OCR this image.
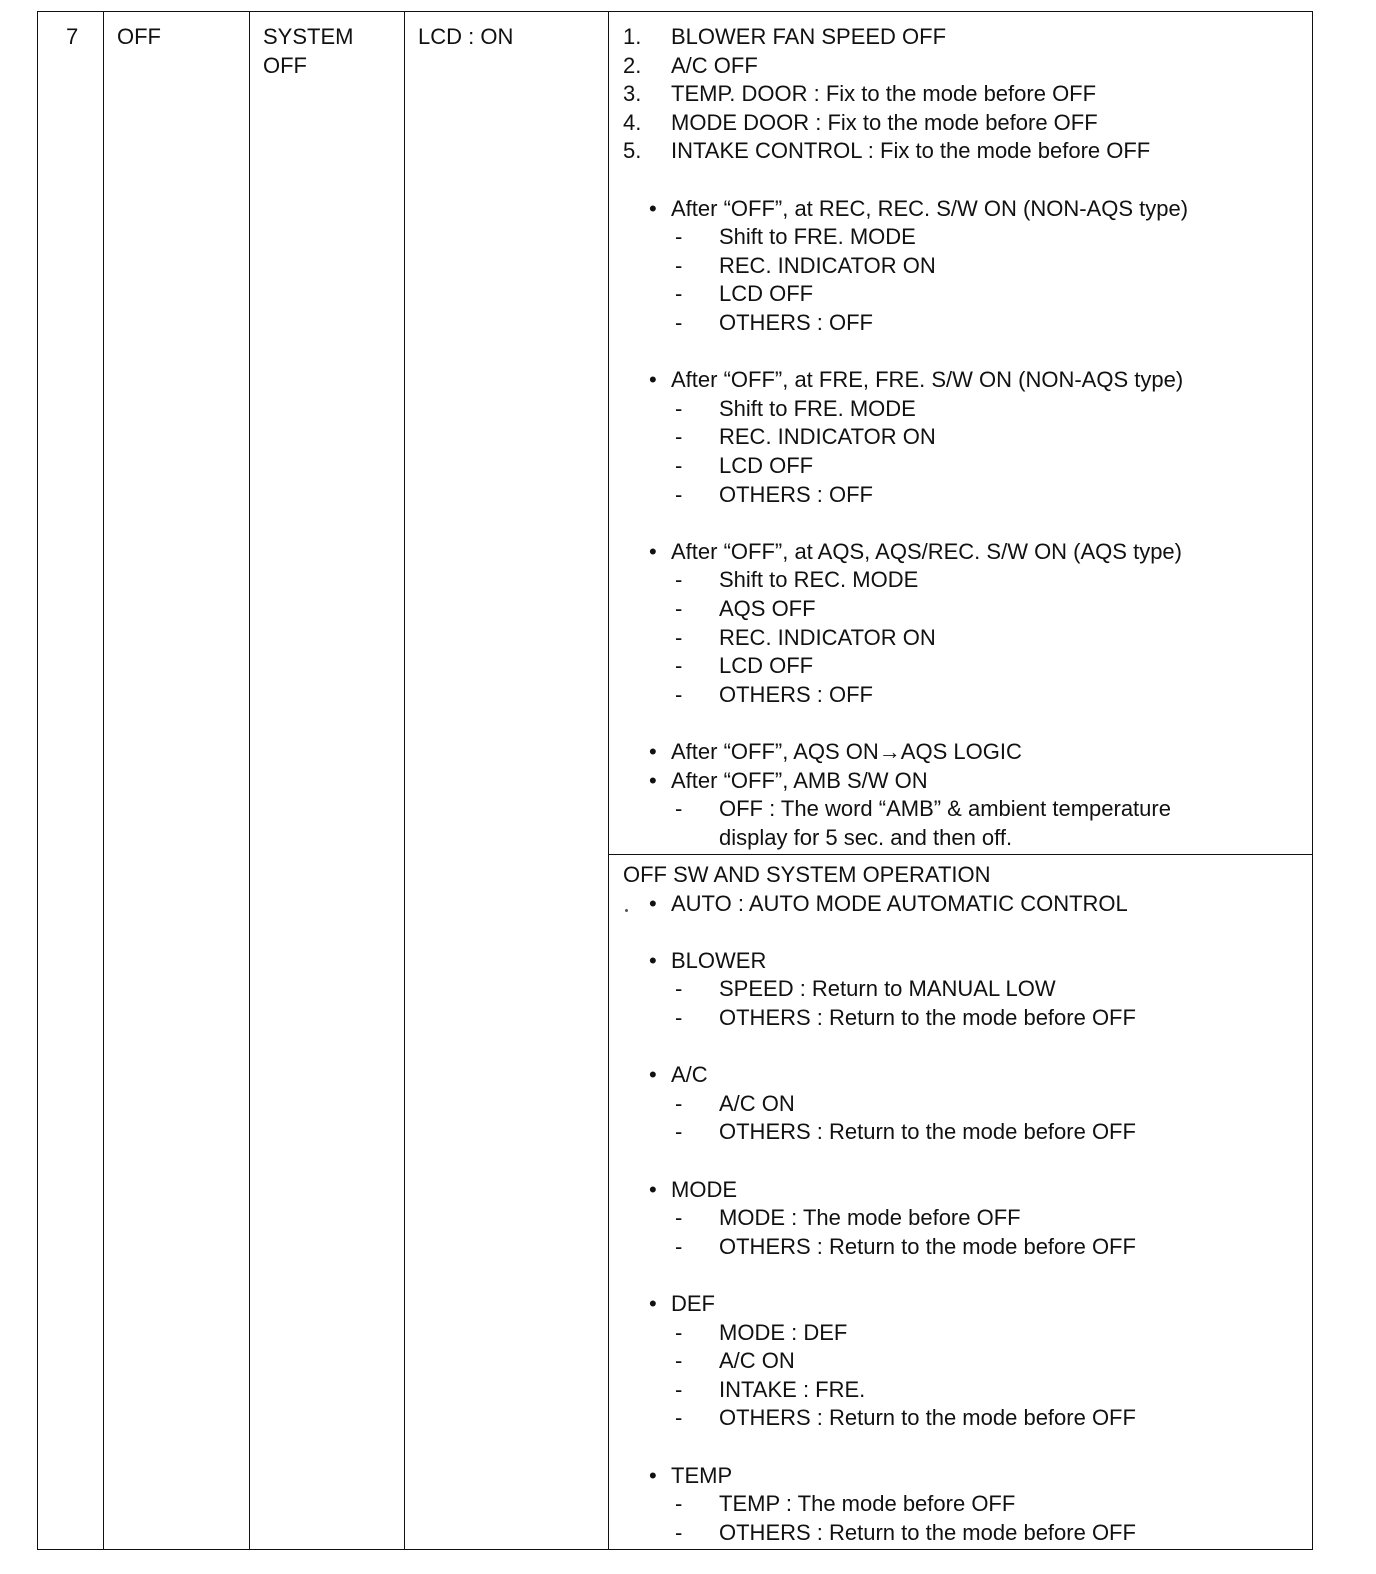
7 OFF	SYSTEM
OFF
LCD : ON	1. BLOWER FAN SPEED OFF
2. A/C OFF
3. TEMP. DOOR : Fix to the mode before OFF
4. MODE DOOR : Fix to the mode before OFF
5. INTAKE CONTROL : Fix to the mode before OFF
• After “OFF”, at REC, REC. S/W ON (NON-AQS type)
- Shift to FRE. MODE
- REC. INDICATOR ON
- LCD OFF
- OTHERS : OFF
• After “OFF”, at FRE, FRE. S/W ON (NON-AQS type)
- Shift to FRE. MODE
- REC. INDICATOR ON
- LCD OFF
- OTHERS : OFF
• After “OFF”, at AQS, AQS/REC. S/W ON (AQS type)
- Shift to REC. MODE
- AQS OFF
- REC. INDICATOR ON
- LCD OFF
- OTHERS : OFF
• After “OFF”, AQS ON→AQS LOGIC
• After “OFF”, AMB S/W ON
- OFF : The word “AMB” & ambient temperature
display for 5 sec. and then off.
OFF SW AND SYSTEM OPERATION
• AUTO : AUTO MODE AUTOMATIC CONTROL
• BLOWER
- SPEED : Return to MANUAL LOW
- OTHERS : Return to the mode before OFF
• A/C
- A/C ON
- OTHERS : Return to the mode before OFF
• MODE
- MODE : The mode before OFF
- OTHERS : Return to the mode before OFF
• DEF
- MODE : DEF
- A/C ON
- INTAKE : FRE.
- OTHERS : Return to the mode before OFF
• TEMP
- TEMP : The mode before OFF
- OTHERS : Return to the mode before OFF
